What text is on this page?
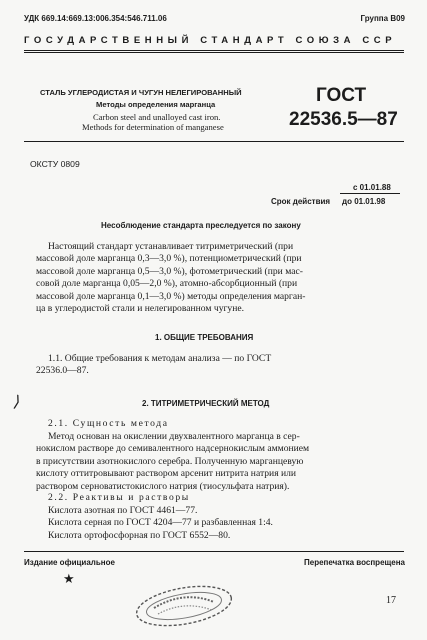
УДК 669.14:669.13:006.354:546.711.06	Группа В09
ГОСУДАРСТВЕННЫЙ СТАНДАРТ СОЮЗА ССР
СТАЛЬ УГЛЕРОДИСТАЯ И ЧУГУН НЕЛЕГИРОВАННЫЙ
Методы определения марганца
Carbon steel and unalloyed cast iron.
Methods for determination of manganese
ГОСТ
22536.5—87
ОКСТУ 0809
с 01.01.88
Срок действия до 01.01.98
Несоблюдение стандарта преследуется по закону
Настоящий стандарт устанавливает титриметрический (при
массовой доле марганца 0,3—3,0 %), потенциометрический (при
массовой доле марганца 0,5—3,0 %), фотометрический (при мас-
совой доле марганца 0,05—2,0 %), атомно-абсорбционный (при
массовой доле марганца 0,1—3,0 %) методы определения марган-
ца в углеродистой стали и нелегированном чугуне.
1. ОБЩИЕ ТРЕБОВАНИЯ
1.1. Общие требования к методам анализа — по ГОСТ
22536.0—87.
⟩	2. ТИТРИМЕТРИЧЕСКИЙ МЕТОД
2.1. Сущность метода
Метод основан на окислении двухвалентного марганца в сер-
нокислом растворе до семивалентного надсернокислым аммонием
в присутствии азотнокислого серебра. Полученную марганцевую
кислоту оттитровывают раствором арсенит нитрита натрия или
раствором серноватистокислого натрия (тиосульфата натрия).
2.2. Реактивы и растворы
Кислота азотная по ГОСТ 4461—77.
Кислота серная по ГОСТ 4204—77 и разбавленная 1:4.
Кислота ортофосфорная по ГОСТ 6552—80.
Издание официальное	Перепечатка воспрещена
★
17
